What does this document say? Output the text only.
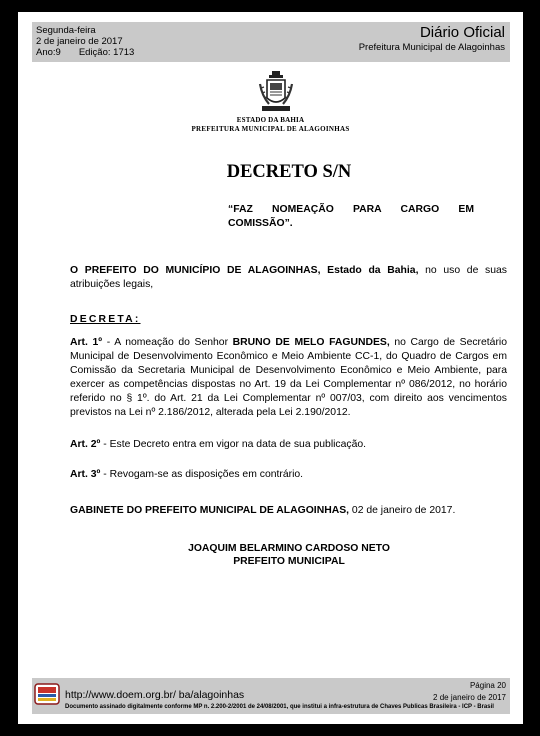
Segunda-feira
2 de janeiro de 2017
Ano:9 Edição: 1713
Diário Oficial
Prefeitura Municipal de Alagoinhas
ESTADO DA BAHIA
PREFEITURA MUNICIPAL DE ALAGOINHAS
DECRETO S/N
“FAZ NOMEAÇÃO PARA CARGO EM
COMISSÃO”.
O PREFEITO DO MUNICÍPIO DE ALAGOINHAS, Estado da Bahia, no uso de suas atribuições legais,
DECRETA:
Art. 1º - A nomeação do Senhor BRUNO DE MELO FAGUNDES, no Cargo de Secretário Municipal de Desenvolvimento Econômico e Meio Ambiente CC-1, do Quadro de Cargos em Comissão da Secretaria Municipal de Desenvolvimento Econômico e Meio Ambiente, para exercer as competências dispostas no Art. 19 da Lei Complementar nº 086/2012, no horário referido no § 1º. do Art. 21 da Lei Complementar nº 007/03, com direito aos vencimentos previstos na Lei nº 2.186/2012, alterada pela Lei 2.190/2012.
Art. 2º - Este Decreto entra em vigor na data de sua publicação.
Art. 3º - Revogam-se as disposições em contrário.
GABINETE DO PREFEITO MUNICIPAL DE ALAGOINHAS, 02 de janeiro de 2017.
JOAQUIM BELARMINO CARDOSO NETO
PREFEITO MUNICIPAL
http://www.doem.org.br/ ba/alagoinhas
Página 20
2 de janeiro de 2017
Documento assinado digitalmente conforme MP n. 2.200-2/2001 de 24/08/2001, que institui a infra-estrutura de Chaves Publicas Brasileira - ICP - Brasil
